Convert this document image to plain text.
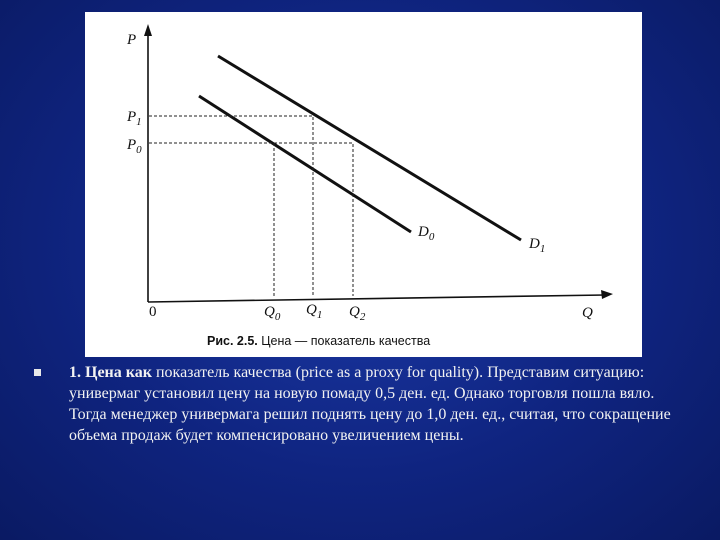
P
$P_1$
$P_0$
0	$Q_0$ $Q_1$ $Q_2$	Q
$D_0$	$D_1$
Рис. 2.5. Цена — показатель качества
1. Цена как показатель качества (price as a proxy for quality). Представим ситуацию: универмаг установил цену на новую помаду 0,5 ден. ед. Однако торговля пошла вяло. Тогда менеджер универмага решил поднять цену до 1,0 ден. ед., считая, что сокращение объема продаж будет компенсировано увеличением цены.
